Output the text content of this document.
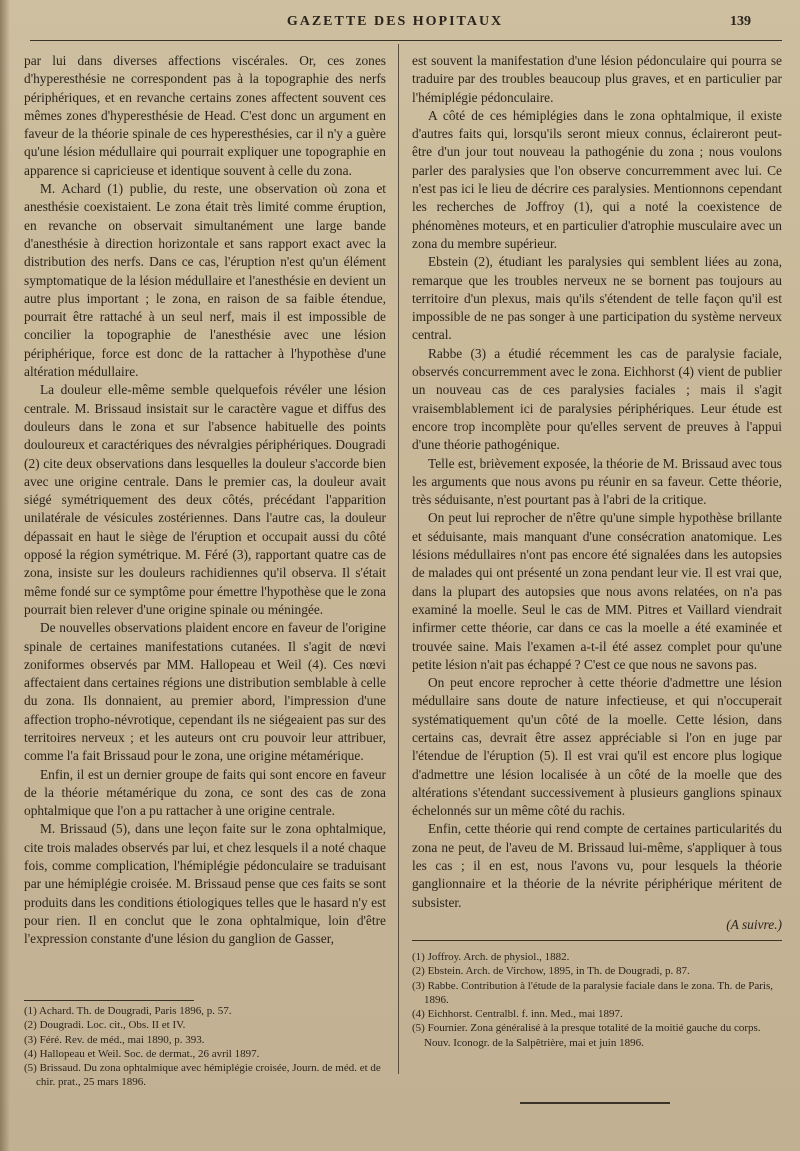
GAZETTE DES HOPITAUX	139

par lui dans diverses affections viscérales. Or, ces zones d'hyperesthésie ne correspondent pas à la topographie des nerfs périphériques, et en revanche certains zones affectent souvent ces mêmes zones d'hyperesthésie de Head. C'est donc un argument en faveur de la théorie spinale de ces hyperesthésies, car il n'y a guère qu'une lésion médullaire qui pourrait expliquer une topographie en apparence si capricieuse et identique souvent à celle du zona.

M. Achard (1) publie, du reste, une observation où zona et anesthésie coexistaient. Le zona était très limité comme éruption, en revanche on observait simultanément une large bande d'anesthésie à direction horizontale et sans rapport exact avec la distribution des nerfs. Dans ce cas, l'éruption n'est qu'un élément symptomatique de la lésion médullaire et l'anesthésie en devient un autre plus important ; le zona, en raison de sa faible étendue, pourrait être rattaché à un seul nerf, mais il est impossible de concilier la topographie de l'anesthésie avec une lésion périphérique, force est donc de la rattacher à l'hypothèse d'une altération médullaire.

La douleur elle-même semble quelquefois révéler une lésion centrale. M. Brissaud insistait sur le caractère vague et diffus des douleurs dans le zona et sur l'absence habituelle des points douloureux et caractériques des névralgies périphériques. Dougradi (2) cite deux observations dans lesquelles la douleur s'accorde bien avec une origine centrale. Dans le premier cas, la douleur avait siégé symétriquement des deux côtés, précédant l'apparition unilatérale de vésicules zostériennes. Dans l'autre cas, la douleur dépassait en haut le siège de l'éruption et occupait aussi du côté opposé la région symétrique. M. Féré (3), rapportant quatre cas de zona, insiste sur les douleurs rachidiennes qu'il observa. Il s'était même fondé sur ce symptôme pour émettre l'hypothèse que le zona pourrait bien relever d'une origine spinale ou méningée.

De nouvelles observations plaident encore en faveur de l'origine spinale de certaines manifestations cutanées. Il s'agit de nœvi zoniformes observés par MM. Hallopeau et Weil (4). Ces nœvi affectaient dans certaines régions une distribution semblable à celle du zona. Ils donnaient, au premier abord, l'impression d'une affection tropho-névrotique, cependant ils ne siégeaient pas sur des territoires nerveux ; et les auteurs ont cru pouvoir leur attribuer, comme l'a fait Brissaud pour le zona, une origine métamérique.

Enfin, il est un dernier groupe de faits qui sont encore en faveur de la théorie métamérique du zona, ce sont des cas de zona ophtalmique que l'on a pu rattacher à une origine centrale.

M. Brissaud (5), dans une leçon faite sur le zona ophtalmique, cite trois malades observés par lui, et chez lesquels il a noté chaque fois, comme complication, l'hémiplégie pédonculaire se traduisant par une hémiplégie croisée. M. Brissaud pense que ces faits se sont produits dans les conditions étiologiques telles que le hasard n'y est pour rien. Il en conclut que le zona ophtalmique, loin d'être l'expression constante d'une lésion du ganglion de Gasser,

(1) Achard. Th. de Dougradi, Paris 1896, p. 57.
(2) Dougradi. Loc. cit., Obs. II et IV.
(3) Féré. Rev. de méd., mai 1890, p. 393.
(4) Hallopeau et Weil. Soc. de dermat., 26 avril 1897.
(5) Brissaud. Du zona ophtalmique avec hémiplégie croisée, Journ. de méd. et de chir. prat., 25 mars 1896.

est souvent la manifestation d'une lésion pédonculaire qui pourra se traduire par des troubles beaucoup plus graves, et en particulier par l'hémiplégie pédonculaire.

A côté de ces hémiplégies dans le zona ophtalmique, il existe d'autres faits qui, lorsqu'ils seront mieux connus, éclaireront peut-être d'un jour tout nouveau la pathogénie du zona ; nous voulons parler des paralysies que l'on observe concurremment avec lui. Ce n'est pas ici le lieu de décrire ces paralysies. Mentionnons cependant les recherches de Joffroy (1), qui a noté la coexistence de phénomènes moteurs, et en particulier d'atrophie musculaire avec un zona du membre supérieur.

Ebstein (2), étudiant les paralysies qui semblent liées au zona, remarque que les troubles nerveux ne se bornent pas toujours au territoire d'un plexus, mais qu'ils s'étendent de telle façon qu'il est impossible de ne pas songer à une participation du système nerveux central.

Rabbe (3) a étudié récemment les cas de paralysie faciale, observés concurremment avec le zona. Eichhorst (4) vient de publier un nouveau cas de ces paralysies faciales ; mais il s'agit vraisemblablement ici de paralysies périphériques. Leur étude est encore trop incomplète pour qu'elles servent de preuves à l'appui d'une théorie pathogénique.

Telle est, brièvement exposée, la théorie de M. Brissaud avec tous les arguments que nous avons pu réunir en sa faveur. Cette théorie, très séduisante, n'est pourtant pas à l'abri de la critique.

On peut lui reprocher de n'être qu'une simple hypothèse brillante et séduisante, mais manquant d'une consécration anatomique. Les lésions médullaires n'ont pas encore été signalées dans les autopsies de malades qui ont présenté un zona pendant leur vie. Il est vrai que, dans la plupart des autopsies que nous avons relatées, on n'a pas examiné la moelle. Seul le cas de MM. Pitres et Vaillard viendrait infirmer cette théorie, car dans ce cas la moelle a été examinée et trouvée saine. Mais l'examen a-t-il été assez complet pour qu'une petite lésion n'ait pas échappé ? C'est ce que nous ne savons pas.

On peut encore reprocher à cette théorie d'admettre une lésion médullaire sans doute de nature infectieuse, et qui n'occuperait systématiquement qu'un côté de la moelle. Cette lésion, dans certains cas, devrait être assez appréciable si l'on en juge par l'étendue de l'éruption (5). Il est vrai qu'il est encore plus logique d'admettre une lésion localisée à un côté de la moelle que des altérations s'étendant successivement à plusieurs ganglions spinaux échelonnés sur un même côté du rachis.

Enfin, cette théorie qui rend compte de certaines particularités du zona ne peut, de l'aveu de M. Brissaud lui-même, s'appliquer à tous les cas ; il en est, nous l'avons vu, pour lesquels la théorie ganglionnaire et la théorie de la névrite périphérique méritent de subsister.

(A suivre.)

(1) Joffroy. Arch. de physiol., 1882.
(2) Ebstein. Arch. de Virchow, 1895, in Th. de Dougradi, p. 87.
(3) Rabbe. Contribution à l'étude de la paralysie faciale dans le zona. Th. de Paris, 1896.
(4) Eichhorst. Centralbl. f. inn. Med., mai 1897.
(5) Fournier. Zona généralisé à la presque totalité de la moitié gauche du corps. Nouv. Iconogr. de la Salpêtrière, mai et juin 1896.
